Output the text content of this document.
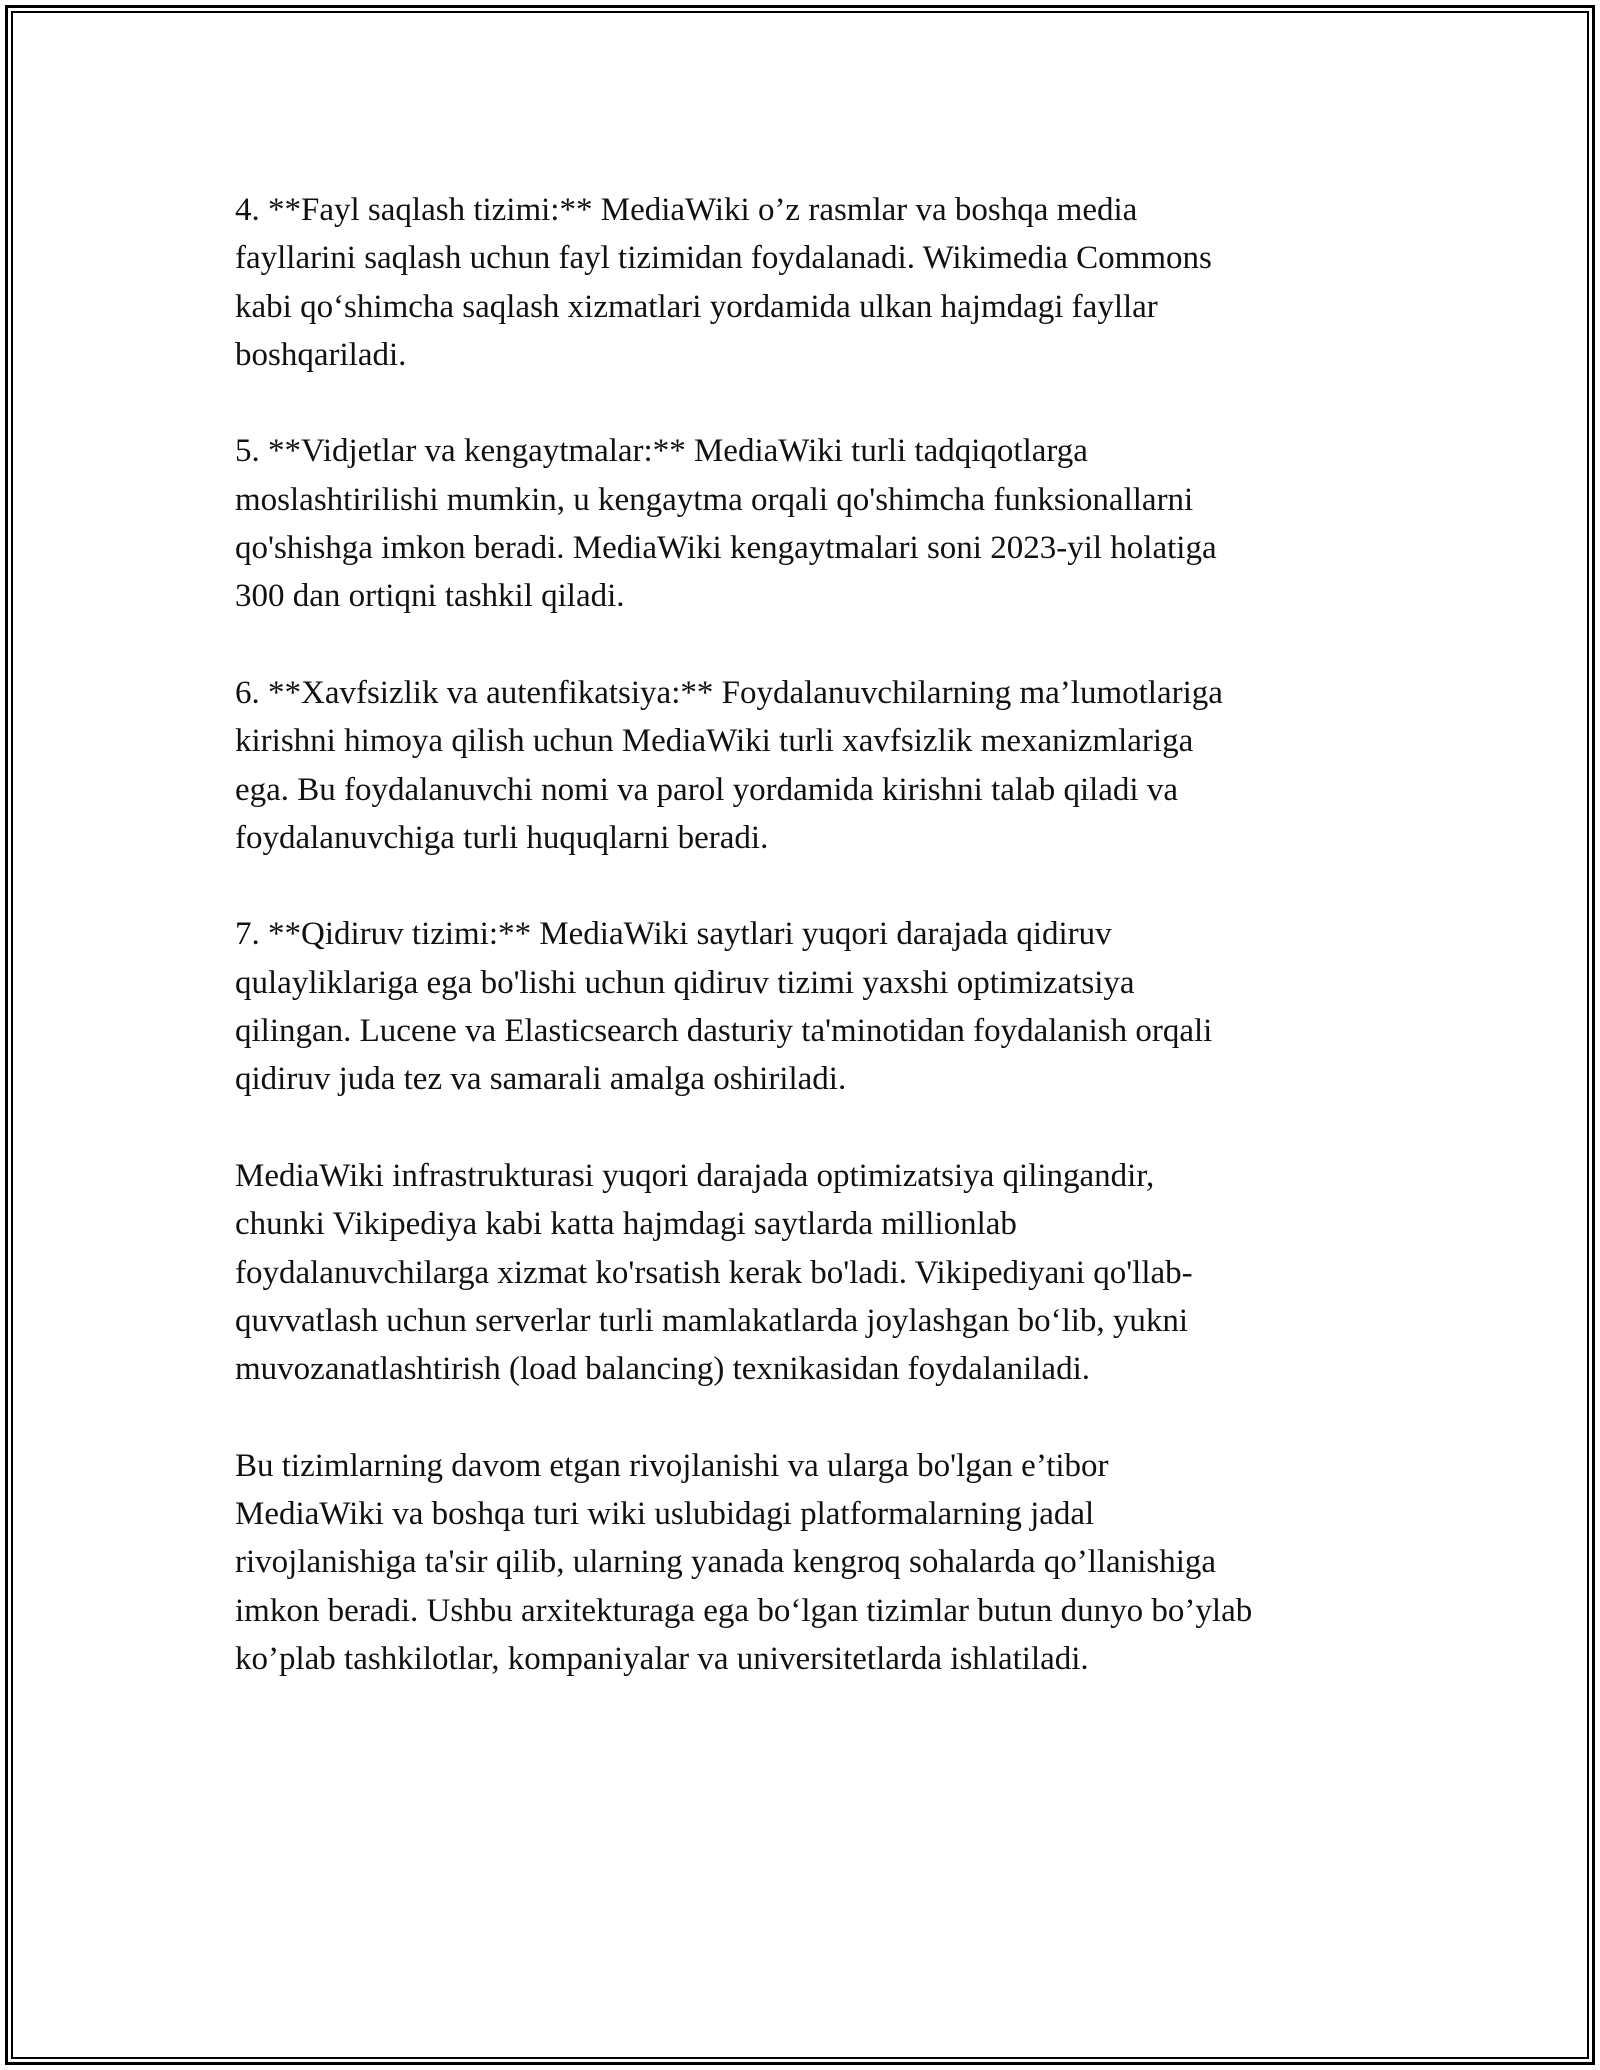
4. **Fayl saqlash tizimi:** MediaWiki o’z rasmlar va boshqa media
fayllarini saqlash uchun fayl tizimidan foydalanadi. Wikimedia Commons
kabi qo‘shimcha saqlash xizmatlari yordamida ulkan hajmdagi fayllar
boshqariladi.

5. **Vidjetlar va kengaytmalar:** MediaWiki turli tadqiqotlarga
moslashtirilishi mumkin, u kengaytma orqali qo'shimcha funksionallarni
qo'shishga imkon beradi. MediaWiki kengaytmalari soni 2023-yil holatiga
300 dan ortiqni tashkil qiladi.

6. **Xavfsizlik va autenfikatsiya:** Foydalanuvchilarning ma’lumotlariga
kirishni himoya qilish uchun MediaWiki turli xavfsizlik mexanizmlariga
ega. Bu foydalanuvchi nomi va parol yordamida kirishni talab qiladi va
foydalanuvchiga turli huquqlarni beradi.

7. **Qidiruv tizimi:** MediaWiki saytlari yuqori darajada qidiruv
qulayliklariga ega bo'lishi uchun qidiruv tizimi yaxshi optimizatsiya
qilingan. Lucene va Elasticsearch dasturiy ta'minotidan foydalanish orqali
qidiruv juda tez va samarali amalga oshiriladi.

MediaWiki infrastrukturasi yuqori darajada optimizatsiya qilingandir,
chunki Vikipediya kabi katta hajmdagi saytlarda millionlab
foydalanuvchilarga xizmat ko'rsatish kerak bo'ladi. Vikipediyani qo'llab-
quvvatlash uchun serverlar turli mamlakatlarda joylashgan bo‘lib, yukni
muvozanatlashtirish (load balancing) texnikasidan foydalaniladi.

Bu tizimlarning davom etgan rivojlanishi va ularga bo'lgan e’tibor
MediaWiki va boshqa turi wiki uslubidagi platformalarning jadal
rivojlanishiga ta'sir qilib, ularning yanada kengroq sohalarda qo’llanishiga
imkon beradi. Ushbu arxitekturaga ega bo‘lgan tizimlar butun dunyo bo’ylab
ko’plab tashkilotlar, kompaniyalar va universitetlarda ishlatiladi.
